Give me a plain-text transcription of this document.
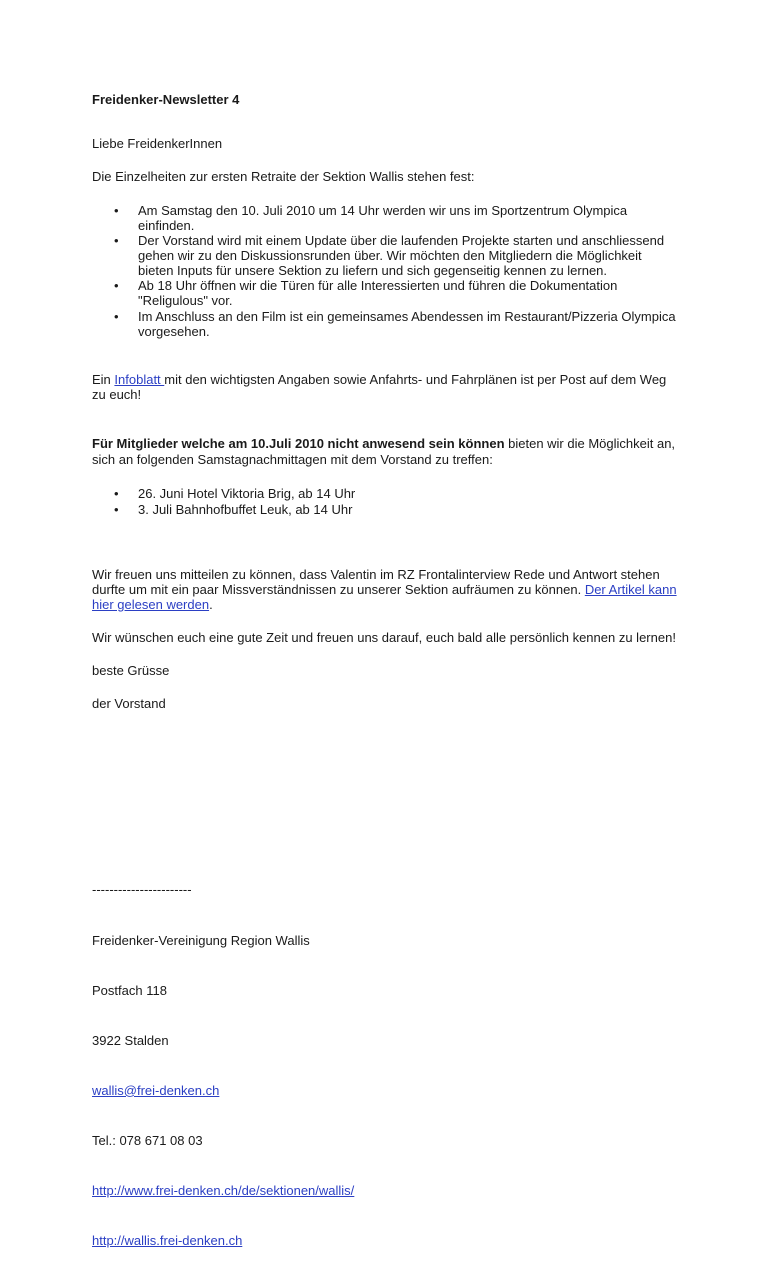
Freidenker-Newsletter 4
Liebe FreidenkerInnen
Die Einzelheiten zur ersten Retraite der Sektion Wallis stehen fest:
•
Am Samstag den 10. Juli 2010 um 14 Uhr werden wir uns im Sportzentrum Olympica
einfinden.
•
Der Vorstand wird mit einem Update über die laufenden Projekte starten und anschliessend
gehen wir zu den Diskussionsrunden über. Wir möchten den Mitgliedern die Möglichkeit
bieten Inputs für unsere Sektion zu liefern und sich gegenseitig kennen zu lernen.
•
Ab 18 Uhr öffnen wir die Türen für alle Interessierten und führen die Dokumentation
"Religulous" vor.
•
Im Anschluss an den Film ist ein gemeinsames Abendessen im Restaurant/Pizzeria Olympica
vorgesehen.
Ein Infoblatt mit den wichtigsten Angaben sowie Anfahrts- und Fahrplänen ist per Post auf dem Weg
zu euch!
Für Mitglieder welche am 10.Juli 2010 nicht anwesend sein können bieten wir die Möglichkeit an,
sich an folgenden Samstagnachmittagen mit dem Vorstand zu treffen:
•
26. Juni Hotel Viktoria Brig, ab 14 Uhr
•
3. Juli Bahnhofbuffet Leuk, ab 14 Uhr
Wir freuen uns mitteilen zu können, dass Valentin im RZ Frontalinterview Rede und Antwort stehen
durfte um mit ein paar Missverständnissen zu unserer Sektion aufräumen zu können. Der Artikel kann
hier gelesen werden.
Wir wünschen euch eine gute Zeit und freuen uns darauf, euch bald alle persönlich kennen zu lernen!
beste Grüsse
der Vorstand

-----------------------

Freidenker-Vereinigung Region Wallis

Postfach 118

3922 Stalden

wallis@frei-denken.ch

Tel.: 078 671 08 03

http://www.frei-denken.ch/de/sektionen/wallis/

http://wallis.frei-denken.ch
